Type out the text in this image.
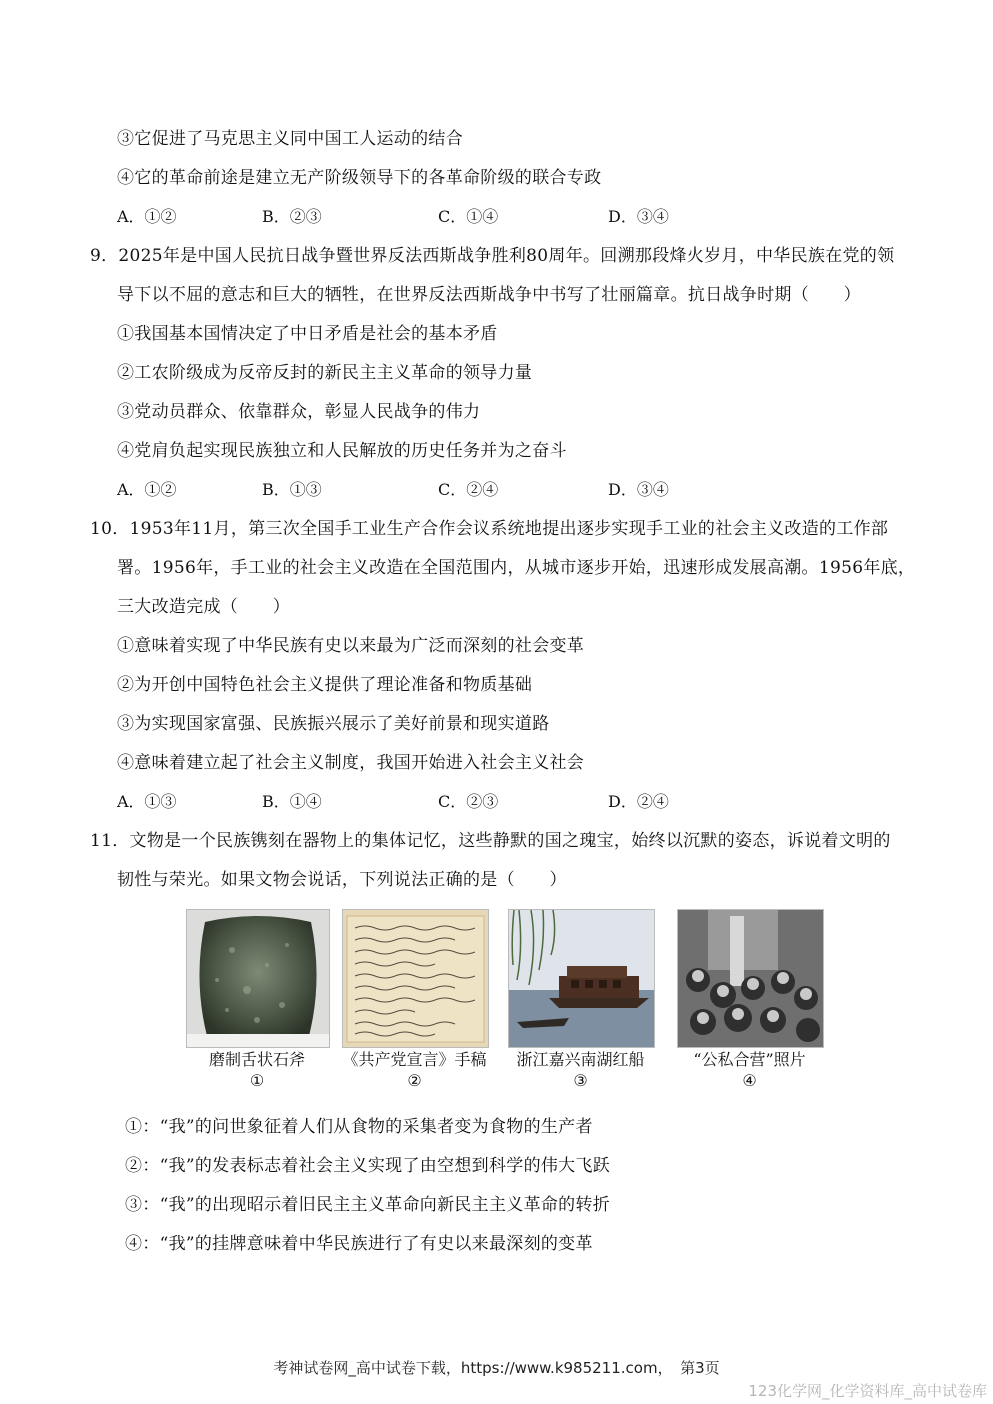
③它促进了马克思主义同中国工人运动的结合
④它的革命前途是建立无产阶级领导下的各革命阶级的联合专政
A．①②	B．②③	C．①④	D．③④
9．2025年是中国人民抗日战争暨世界反法西斯战争胜利80周年。回溯那段烽火岁月，中华民族在党的领
导下以不屈的意志和巨大的牺牲，在世界反法西斯战争中书写了壮丽篇章。抗日战争时期（　　）
①我国基本国情决定了中日矛盾是社会的基本矛盾
②工农阶级成为反帝反封的新民主主义革命的领导力量
③党动员群众、依靠群众，彰显人民战争的伟力
④党肩负起实现民族独立和人民解放的历史任务并为之奋斗
A．①②	B．①③	C．②④	D．③④
10．1953年11月，第三次全国手工业生产合作会议系统地提出逐步实现手工业的社会主义改造的工作部
署。1956年，手工业的社会主义改造在全国范围内，从城市逐步开始，迅速形成发展高潮。1956年底，
三大改造完成（　　）
①意味着实现了中华民族有史以来最为广泛而深刻的社会变革
②为开创中国特色社会主义提供了理论准备和物质基础
③为实现国家富强、民族振兴展示了美好前景和现实道路
④意味着建立起了社会主义制度，我国开始进入社会主义社会
A．①③	B．①④	C．②③	D．②④
11．文物是一个民族镌刻在器物上的集体记忆，这些静默的国之瑰宝，始终以沉默的姿态，诉说着文明的
韧性与荣光。如果文物会说话，下列说法正确的是（　　）
磨制舌状石斧
①
《共产党宣言》手稿
②
浙江嘉兴南湖红船
③
“公私合营”照片
④
①：“我”的问世象征着人们从食物的采集者变为食物的生产者
②：“我”的发表标志着社会主义实现了由空想到科学的伟大飞跃
③：“我”的出现昭示着旧民主主义革命向新民主主义革命的转折
④：“我”的挂牌意味着中华民族进行了有史以来最深刻的变革
考神试卷网_高中试卷下载，https://www.k985211.com，　第3页
123化学网_化学资料库_高中试卷库
